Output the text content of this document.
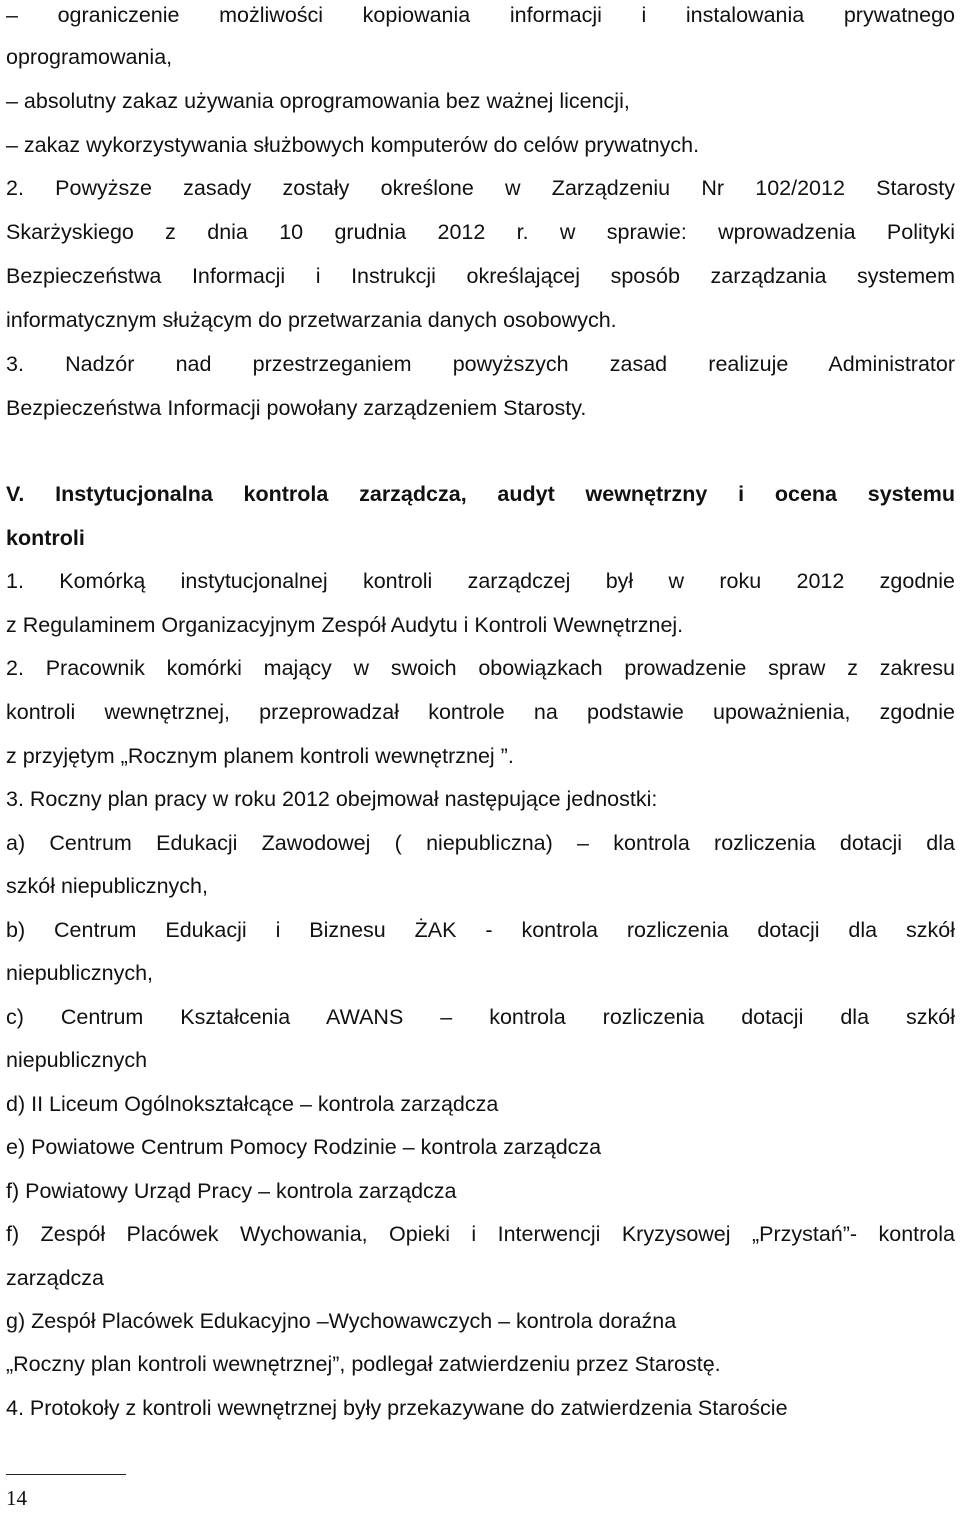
– ograniczenie możliwości kopiowania informacji i instalowania prywatnego
oprogramowania,
– absolutny zakaz używania oprogramowania bez ważnej licencji,
– zakaz wykorzystywania służbowych komputerów do celów prywatnych.
2. Powyższe zasady zostały określone w Zarządzeniu Nr 102/2012 Starosty
Skarżyskiego z dnia 10 grudnia 2012 r. w sprawie: wprowadzenia Polityki
Bezpieczeństwa Informacji i Instrukcji określającej sposób zarządzania systemem
informatycznym służącym do przetwarzania danych osobowych.
3. Nadzór nad przestrzeganiem powyższych zasad realizuje Administrator
Bezpieczeństwa Informacji powołany zarządzeniem Starosty.
V. Instytucjonalna kontrola zarządcza, audyt wewnętrzny i ocena systemu
kontroli
1. Komórką instytucjonalnej kontroli zarządczej był w roku 2012 zgodnie
z Regulaminem Organizacyjnym Zespół Audytu i Kontroli Wewnętrznej.
2. Pracownik komórki mający w swoich obowiązkach prowadzenie spraw z zakresu
kontroli wewnętrznej, przeprowadzał kontrole na podstawie upoważnienia, zgodnie
z przyjętym „Rocznym planem kontroli wewnętrznej ”.
3. Roczny plan pracy w roku 2012 obejmował następujące jednostki:
a) Centrum Edukacji Zawodowej ( niepubliczna) – kontrola rozliczenia dotacji dla
szkół niepublicznych,
b) Centrum Edukacji i Biznesu ŻAK - kontrola rozliczenia dotacji dla szkół
niepublicznych,
c) Centrum Kształcenia AWANS – kontrola rozliczenia dotacji dla szkół
niepublicznych
d) II Liceum Ogólnokształcące – kontrola zarządcza
e) Powiatowe Centrum Pomocy Rodzinie – kontrola zarządcza
f) Powiatowy Urząd Pracy – kontrola zarządcza
f) Zespół Placówek Wychowania, Opieki i Interwencji Kryzysowej „Przystań”- kontrola
zarządcza
g) Zespół Placówek Edukacyjno –Wychowawczych – kontrola doraźna
„Roczny plan kontroli wewnętrznej”, podlegał zatwierdzeniu przez Starostę.
4. Protokoły z kontroli wewnętrznej były przekazywane do zatwierdzenia Staroście
14
